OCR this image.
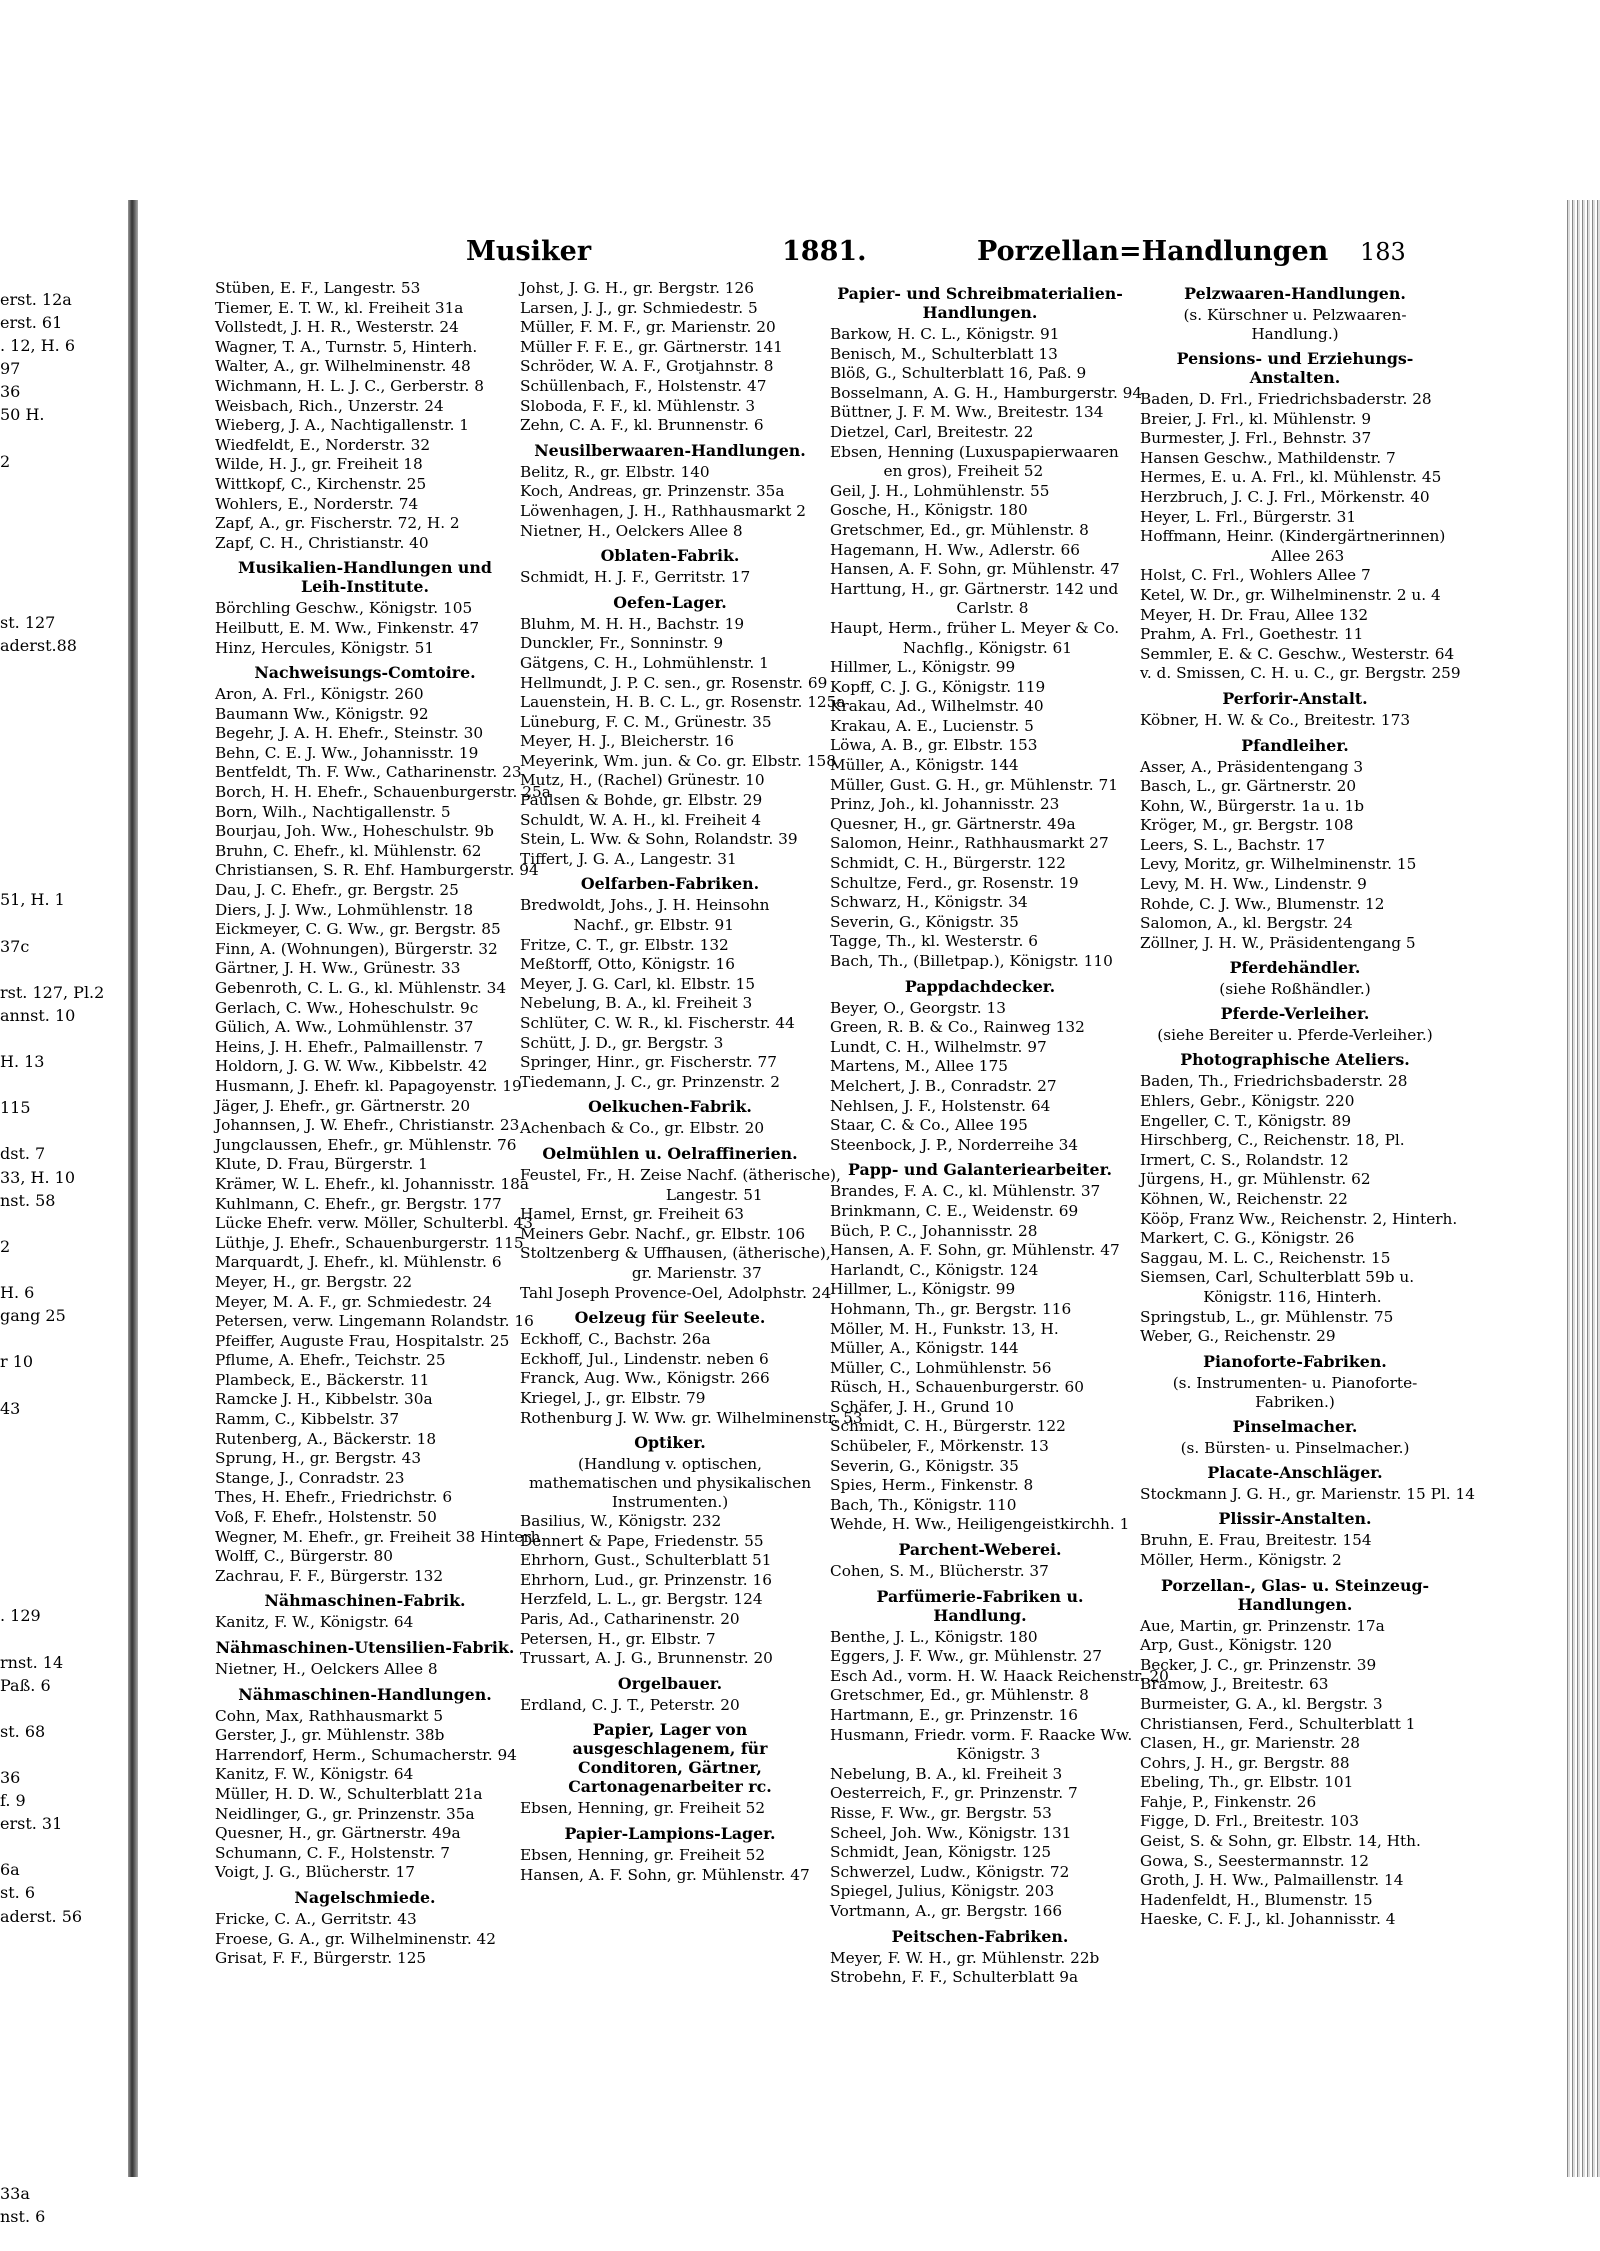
erst. 12a
erst. 61
. 12, H. 6
97
36
50 H.
2
st. 127
aderst.88
51, H. 1
37c
rst. 127, Pl.2
annst. 10
H. 13
115
dst. 7
33, H. 10
nst. 58
2
H. 6
gang 25
r 10
43
. 129
rnst. 14
Paß. 6
st. 68
36
f. 9
erst. 31
6a
st. 6
aderst. 56
33a
nst. 6
Musiker	1881.	Porzellan=Handlungen 183
Stüben, E. F., Langestr. 53
Tiemer, E. T. W., kl. Freiheit 31a
Vollstedt, J. H. R., Westerstr. 24
Wagner, T. A., Turnstr. 5, Hinterh.
Walter, A., gr. Wilhelminenstr. 48
Wichmann, H. L. J. C., Gerberstr. 8
Weisbach, Rich., Unzerstr. 24
Wieberg, J. A., Nachtigallenstr. 1
Wiedfeldt, E., Norderstr. 32
Wilde, H. J., gr. Freiheit 18
Wittkopf, C., Kirchenstr. 25
Wohlers, E., Norderstr. 74
Zapf, A., gr. Fischerstr. 72, H. 2
Zapf, C. H., Christianstr. 40
Musikalien-Handlungen und Leih-Institute.
Börchling Geschw., Königstr. 105
Heilbutt, E. M. Ww., Finkenstr. 47
Hinz, Hercules, Königstr. 51
Nachweisungs-Comtoire.
Aron, A. Frl., Königstr. 260
Baumann Ww., Königstr. 92
Begehr, J. A. H. Ehefr., Steinstr. 30
Behn, C. E. J. Ww., Johannisstr. 19
Bentfeldt, Th. F. Ww., Catharinenstr. 23
Borch, H. H. Ehefr., Schauenburgerstr. 25a
Born, Wilh., Nachtigallenstr. 5
Bourjau, Joh. Ww., Hoheschulstr. 9b
Bruhn, C. Ehefr., kl. Mühlenstr. 62
Christiansen, S. R. Ehf. Hamburgerstr. 94
Dau, J. C. Ehefr., gr. Bergstr. 25
Diers, J. J. Ww., Lohmühlenstr. 18
Eickmeyer, C. G. Ww., gr. Bergstr. 85
Finn, A. (Wohnungen), Bürgerstr. 32
Gärtner, J. H. Ww., Grünestr. 33
Gebenroth, C. L. G., kl. Mühlenstr. 34
Gerlach, C. Ww., Hoheschulstr. 9c
Gülich, A. Ww., Lohmühlenstr. 37
Heins, J. H. Ehefr., Palmaillenstr. 7
Holdorn, J. G. W. Ww., Kibbelstr. 42
Husmann, J. Ehefr. kl. Papagoyenstr. 19
Jäger, J. Ehefr., gr. Gärtnerstr. 20
Johannsen, J. W. Ehefr., Christianstr. 23
Jungclaussen, Ehefr., gr. Mühlenstr. 76
Klute, D. Frau, Bürgerstr. 1
Krämer, W. L. Ehefr., kl. Johannisstr. 18a
Kuhlmann, C. Ehefr., gr. Bergstr. 177
Lücke Ehefr. verw. Möller, Schulterbl. 43
Lüthje, J. Ehefr., Schauenburgerstr. 115
Marquardt, J. Ehefr., kl. Mühlenstr. 6
Meyer, H., gr. Bergstr. 22
Meyer, M. A. F., gr. Schmiedestr. 24
Petersen, verw. Lingemann Rolandstr. 16
Pfeiffer, Auguste Frau, Hospitalstr. 25
Pflume, A. Ehefr., Teichstr. 25
Plambeck, E., Bäckerstr. 11
Ramcke J. H., Kibbelstr. 30a
Ramm, C., Kibbelstr. 37
Rutenberg, A., Bäckerstr. 18
Sprung, H., gr. Bergstr. 43
Stange, J., Conradstr. 23
Thes, H. Ehefr., Friedrichstr. 6
Voß, F. Ehefr., Holstenstr. 50
Wegner, M. Ehefr., gr. Freiheit 38 Hinterh
Wolff, C., Bürgerstr. 80
Zachrau, F. F., Bürgerstr. 132
Nähmaschinen-Fabrik.
Kanitz, F. W., Königstr. 64
Nähmaschinen-Utensilien-Fabrik.
Nietner, H., Oelckers Allee 8
Nähmaschinen-Handlungen.
Cohn, Max, Rathhausmarkt 5
Gerster, J., gr. Mühlenstr. 38b
Harrendorf, Herm., Schumacherstr. 94
Kanitz, F. W., Königstr. 64
Müller, H. D. W., Schulterblatt 21a
Neidlinger, G., gr. Prinzenstr. 35a
Quesner, H., gr. Gärtnerstr. 49a
Schumann, C. F., Holstenstr. 7
Voigt, J. G., Blücherstr. 17
Nagelschmiede.
Fricke, C. A., Gerritstr. 43
Froese, G. A., gr. Wilhelminenstr. 42
Grisat, F. F., Bürgerstr. 125
Johst, J. G. H., gr. Bergstr. 126
Larsen, J. J., gr. Schmiedestr. 5
Müller, F. M. F., gr. Marienstr. 20
Müller F. F. E., gr. Gärtnerstr. 141
Schröder, W. A. F., Grotjahnstr. 8
Schüllenbach, F., Holstenstr. 47
Sloboda, F. F., kl. Mühlenstr. 3
Zehn, C. A. F., kl. Brunnenstr. 6
Neusilberwaaren-Handlungen.
Belitz, R., gr. Elbstr. 140
Koch, Andreas, gr. Prinzenstr. 35a
Löwenhagen, J. H., Rathhausmarkt 2
Nietner, H., Oelckers Allee 8
Oblaten-Fabrik.
Schmidt, H. J. F., Gerritstr. 17
Oefen-Lager.
Bluhm, M. H. H., Bachstr. 19
Dunckler, Fr., Sonninstr. 9
Gätgens, C. H., Lohmühlenstr. 1
Hellmundt, J. P. C. sen., gr. Rosenstr. 69
Lauenstein, H. B. C. L., gr. Rosenstr. 125a
Lüneburg, F. C. M., Grünestr. 35
Meyer, H. J., Bleicherstr. 16
Meyerink, Wm. jun. & Co. gr. Elbstr. 158
Mutz, H., (Rachel) Grünestr. 10
Paulsen & Bohde, gr. Elbstr. 29
Schuldt, W. A. H., kl. Freiheit 4
Stein, L. Ww. & Sohn, Rolandstr. 39
Tiffert, J. G. A., Langestr. 31
Oelfarben-Fabriken.
Bredwoldt, Johs., J. H. Heinsohn
Nachf., gr. Elbstr. 91
Fritze, C. T., gr. Elbstr. 132
Meßtorff, Otto, Königstr. 16
Meyer, J. G. Carl, kl. Elbstr. 15
Nebelung, B. A., kl. Freiheit 3
Schlüter, C. W. R., kl. Fischerstr. 44
Schütt, J. D., gr. Bergstr. 3
Springer, Hinr., gr. Fischerstr. 77
Tiedemann, J. C., gr. Prinzenstr. 2
Oelkuchen-Fabrik.
Achenbach & Co., gr. Elbstr. 20
Oelmühlen u. Oelraffinerien.
Feustel, Fr., H. Zeise Nachf. (ätherische),
Langestr. 51
Hamel, Ernst, gr. Freiheit 63
Meiners Gebr. Nachf., gr. Elbstr. 106
Stoltzenberg & Uffhausen, (ätherische),
gr. Marienstr. 37
Tahl Joseph Provence-Oel, Adolphstr. 24
Oelzeug für Seeleute.
Eckhoff, C., Bachstr. 26a
Eckhoff, Jul., Lindenstr. neben 6
Franck, Aug. Ww., Königstr. 266
Kriegel, J., gr. Elbstr. 79
Rothenburg J. W. Ww. gr. Wilhelminenstr. 53
Optiker.
(Handlung v. optischen, mathematischen und physikalischen Instrumenten.)
Basilius, W., Königstr. 232
Dennert & Pape, Friedenstr. 55
Ehrhorn, Gust., Schulterblatt 51
Ehrhorn, Lud., gr. Prinzenstr. 16
Herzfeld, L. L., gr. Bergstr. 124
Paris, Ad., Catharinenstr. 20
Petersen, H., gr. Elbstr. 7
Trussart, A. J. G., Brunnenstr. 20
Orgelbauer.
Erdland, C. J. T., Peterstr. 20
Papier, Lager von ausgeschlagenem, für Conditoren, Gärtner, Cartonagenarbeiter rc.
Ebsen, Henning, gr. Freiheit 52
Papier-Lampions-Lager.
Ebsen, Henning, gr. Freiheit 52
Hansen, A. F. Sohn, gr. Mühlenstr. 47
Papier- und Schreibmaterialien-Handlungen.
Barkow, H. C. L., Königstr. 91
Benisch, M., Schulterblatt 13
Blöß, G., Schulterblatt 16, Paß. 9
Bosselmann, A. G. H., Hamburgerstr. 94
Büttner, J. F. M. Ww., Breitestr. 134
Dietzel, Carl, Breitestr. 22
Ebsen, Henning (Luxuspapierwaaren
en gros), Freiheit 52
Geil, J. H., Lohmühlenstr. 55
Gosche, H., Königstr. 180
Gretschmer, Ed., gr. Mühlenstr. 8
Hagemann, H. Ww., Adlerstr. 66
Hansen, A. F. Sohn, gr. Mühlenstr. 47
Harttung, H., gr. Gärtnerstr. 142 und
Carlstr. 8
Haupt, Herm., früher L. Meyer & Co.
Nachflg., Königstr. 61
Hillmer, L., Königstr. 99
Kopff, C. J. G., Königstr. 119
Krakau, Ad., Wilhelmstr. 40
Krakau, A. E., Lucienstr. 5
Löwa, A. B., gr. Elbstr. 153
Müller, A., Königstr. 144
Müller, Gust. G. H., gr. Mühlenstr. 71
Prinz, Joh., kl. Johannisstr. 23
Quesner, H., gr. Gärtnerstr. 49a
Salomon, Heinr., Rathhausmarkt 27
Schmidt, C. H., Bürgerstr. 122
Schultze, Ferd., gr. Rosenstr. 19
Schwarz, H., Königstr. 34
Severin, G., Königstr. 35
Tagge, Th., kl. Westerstr. 6
Bach, Th., (Billetpap.), Königstr. 110
Pappdachdecker.
Beyer, O., Georgstr. 13
Green, R. B. & Co., Rainweg 132
Lundt, C. H., Wilhelmstr. 97
Martens, M., Allee 175
Melchert, J. B., Conradstr. 27
Nehlsen, J. F., Holstenstr. 64
Staar, C. & Co., Allee 195
Steenbock, J. P., Norderreihe 34
Papp- und Galanteriearbeiter.
Brandes, F. A. C., kl. Mühlenstr. 37
Brinkmann, C. E., Weidenstr. 69
Büch, P. C., Johannisstr. 28
Hansen, A. F. Sohn, gr. Mühlenstr. 47
Harlandt, C., Königstr. 124
Hillmer, L., Königstr. 99
Hohmann, Th., gr. Bergstr. 116
Möller, M. H., Funkstr. 13, H.
Müller, A., Königstr. 144
Müller, C., Lohmühlenstr. 56
Rüsch, H., Schauenburgerstr. 60
Schäfer, J. H., Grund 10
Schmidt, C. H., Bürgerstr. 122
Schübeler, F., Mörkenstr. 13
Severin, G., Königstr. 35
Spies, Herm., Finkenstr. 8
Bach, Th., Königstr. 110
Wehde, H. Ww., Heiligengeistkirchh. 1
Parchent-Weberei.
Cohen, S. M., Blücherstr. 37
Parfümerie-Fabriken u. Handlung.
Benthe, J. L., Königstr. 180
Eggers, J. F. Ww., gr. Mühlenstr. 27
Esch Ad., vorm. H. W. Haack Reichenstr. 20
Gretschmer, Ed., gr. Mühlenstr. 8
Hartmann, E., gr. Prinzenstr. 16
Husmann, Friedr. vorm. F. Raacke Ww.
Königstr. 3
Nebelung, B. A., kl. Freiheit 3
Oesterreich, F., gr. Prinzenstr. 7
Risse, F. Ww., gr. Bergstr. 53
Scheel, Joh. Ww., Königstr. 131
Schmidt, Jean, Königstr. 125
Schwerzel, Ludw., Königstr. 72
Spiegel, Julius, Königstr. 203
Vortmann, A., gr. Bergstr. 166
Peitschen-Fabriken.
Meyer, F. W. H., gr. Mühlenstr. 22b
Strobehn, F. F., Schulterblatt 9a
Pelzwaaren-Handlungen.
(s. Kürschner u. Pelzwaaren-Handlung.)
Pensions- und Erziehungs-Anstalten.
Baden, D. Frl., Friedrichsbaderstr. 28
Breier, J. Frl., kl. Mühlenstr. 9
Burmester, J. Frl., Behnstr. 37
Hansen Geschw., Mathildenstr. 7
Hermes, E. u. A. Frl., kl. Mühlenstr. 45
Herzbruch, J. C. J. Frl., Mörkenstr. 40
Heyer, L. Frl., Bürgerstr. 31
Hoffmann, Heinr. (Kindergärtnerinnen)
Allee 263
Holst, C. Frl., Wohlers Allee 7
Ketel, W. Dr., gr. Wilhelminenstr. 2 u. 4
Meyer, H. Dr. Frau, Allee 132
Prahm, A. Frl., Goethestr. 11
Semmler, E. & C. Geschw., Westerstr. 64
v. d. Smissen, C. H. u. C., gr. Bergstr. 259
Perforir-Anstalt.
Köbner, H. W. & Co., Breitestr. 173
Pfandleiher.
Asser, A., Präsidentengang 3
Basch, L., gr. Gärtnerstr. 20
Kohn, W., Bürgerstr. 1a u. 1b
Kröger, M., gr. Bergstr. 108
Leers, S. L., Bachstr. 17
Levy, Moritz, gr. Wilhelminenstr. 15
Levy, M. H. Ww., Lindenstr. 9
Rohde, C. J. Ww., Blumenstr. 12
Salomon, A., kl. Bergstr. 24
Zöllner, J. H. W., Präsidentengang 5
Pferdehändler.
(siehe Roßhändler.)
Pferde-Verleiher.
(siehe Bereiter u. Pferde-Verleiher.)
Photographische Ateliers.
Baden, Th., Friedrichsbaderstr. 28
Ehlers, Gebr., Königstr. 220
Engeller, C. T., Königstr. 89
Hirschberg, C., Reichenstr. 18, Pl.
Irmert, C. S., Rolandstr. 12
Jürgens, H., gr. Mühlenstr. 62
Köhnen, W., Reichenstr. 22
Kööp, Franz Ww., Reichenstr. 2, Hinterh.
Markert, C. G., Königstr. 26
Saggau, M. L. C., Reichenstr. 15
Siemsen, Carl, Schulterblatt 59b u.
Königstr. 116, Hinterh.
Springstub, L., gr. Mühlenstr. 75
Weber, G., Reichenstr. 29
Pianoforte-Fabriken.
(s. Instrumenten- u. Pianoforte-Fabriken.)
Pinselmacher.
(s. Bürsten- u. Pinselmacher.)
Placate-Anschläger.
Stockmann J. G. H., gr. Marienstr. 15 Pl. 14
Plissir-Anstalten.
Bruhn, E. Frau, Breitestr. 154
Möller, Herm., Königstr. 2
Porzellan-, Glas- u. Steinzeug-Handlungen.
Aue, Martin, gr. Prinzenstr. 17a
Arp, Gust., Königstr. 120
Becker, J. C., gr. Prinzenstr. 39
Bramow, J., Breitestr. 63
Burmeister, G. A., kl. Bergstr. 3
Christiansen, Ferd., Schulterblatt 1
Clasen, H., gr. Marienstr. 28
Cohrs, J. H., gr. Bergstr. 88
Ebeling, Th., gr. Elbstr. 101
Fahje, P., Finkenstr. 26
Figge, D. Frl., Breitestr. 103
Geist, S. & Sohn, gr. Elbstr. 14, Hth.
Gowa, S., Seestermannstr. 12
Groth, J. H. Ww., Palmaillenstr. 14
Hadenfeldt, H., Blumenstr. 15
Haeske, C. F. J., kl. Johannisstr. 4
